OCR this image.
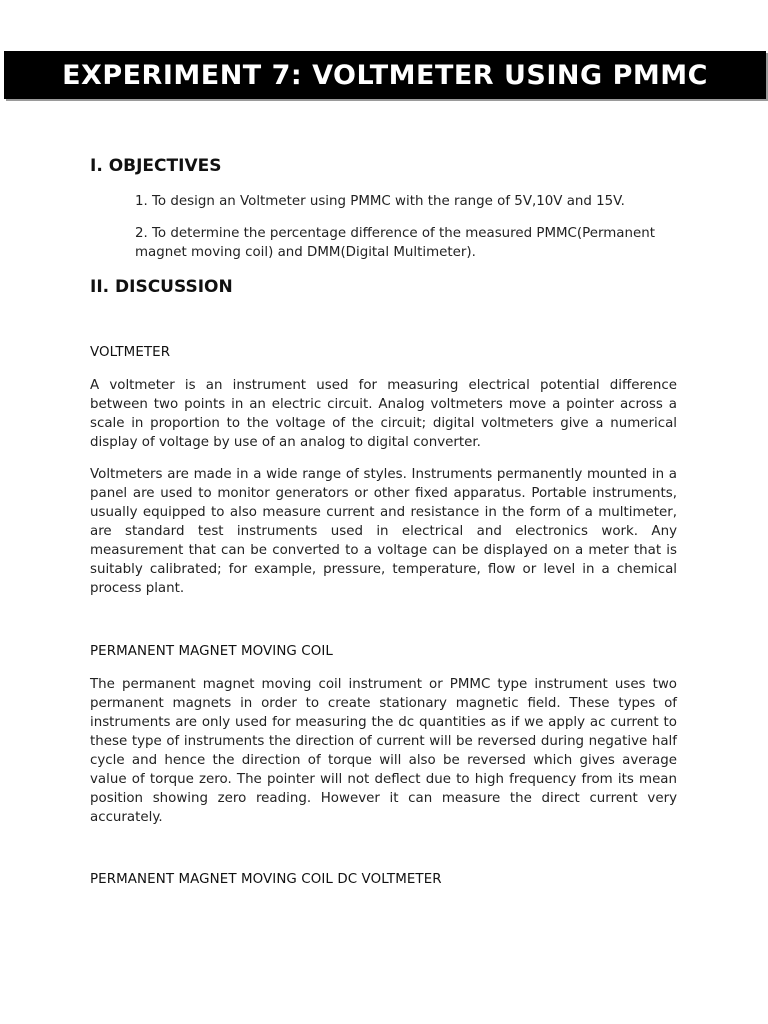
EXPERIMENT 7: VOLTMETER USING PMMC
I. OBJECTIVES

1. To design an Voltmeter using PMMC with the range of 5V,10V and 15V.

2. To determine the percentage difference of the measured PMMC(Permanent magnet moving coil) and DMM(Digital Multimeter).

II. DISCUSSION
VOLTMETER

A voltmeter is an instrument used for measuring electrical potential difference between two points in an electric circuit. Analog voltmeters move a pointer across a scale in proportion to the voltage of the circuit; digital voltmeters give a numerical display of voltage by use of an analog to digital converter.

Voltmeters are made in a wide range of styles. Instruments permanently mounted in a panel are used to monitor generators or other fixed apparatus. Portable instruments, usually equipped to also measure current and resistance in the form of a multimeter, are standard test instruments used in electrical and electronics work. Any measurement that can be converted to a voltage can be displayed on a meter that is suitably calibrated; for example, pressure, temperature, flow or level in a chemical process plant.

PERMANENT MAGNET MOVING COIL

The permanent magnet moving coil instrument or PMMC type instrument uses two permanent magnets in order to create stationary magnetic field. These types of instruments are only used for measuring the dc quantities as if we apply ac current to these type of instruments the direction of current will be reversed during negative half cycle and hence the direction of torque will also be reversed which gives average value of torque zero. The pointer will not deflect due to high frequency from its mean position showing zero reading. However it can measure the direct current very accurately.

PERMANENT MAGNET MOVING COIL DC VOLTMETER
